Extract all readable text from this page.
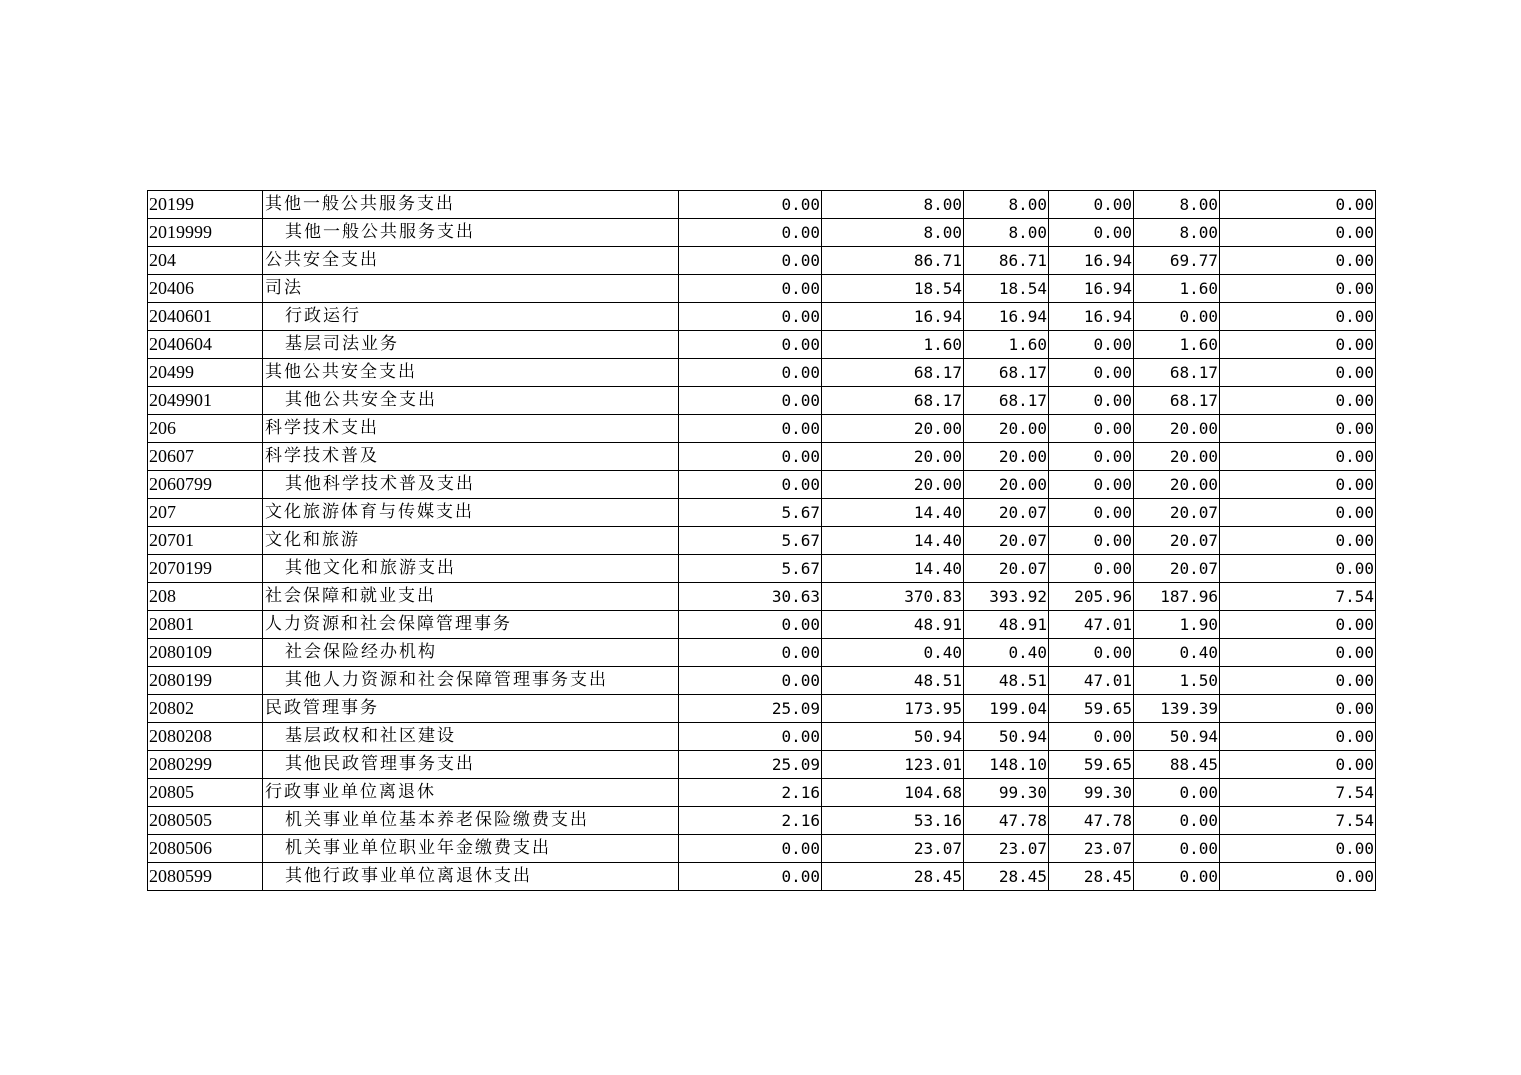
20199	其他一般公共服务支出	0.00	8.00	8.00	0.00	8.00	0.00
2019999	其他一般公共服务支出	0.00	8.00	8.00	0.00	8.00	0.00
204	公共安全支出	0.00	86.71	86.71	16.94	69.77	0.00
20406	司法	0.00	18.54	18.54	16.94	1.60	0.00
2040601	行政运行	0.00	16.94	16.94	16.94	0.00	0.00
2040604	基层司法业务	0.00	1.60	1.60	0.00	1.60	0.00
20499	其他公共安全支出	0.00	68.17	68.17	0.00	68.17	0.00
2049901	其他公共安全支出	0.00	68.17	68.17	0.00	68.17	0.00
206	科学技术支出	0.00	20.00	20.00	0.00	20.00	0.00
20607	科学技术普及	0.00	20.00	20.00	0.00	20.00	0.00
2060799	其他科学技术普及支出	0.00	20.00	20.00	0.00	20.00	0.00
207	文化旅游体育与传媒支出	5.67	14.40	20.07	0.00	20.07	0.00
20701	文化和旅游	5.67	14.40	20.07	0.00	20.07	0.00
2070199	其他文化和旅游支出	5.67	14.40	20.07	0.00	20.07	0.00
208	社会保障和就业支出	30.63	370.83	393.92	205.96	187.96	7.54
20801	人力资源和社会保障管理事务	0.00	48.91	48.91	47.01	1.90	0.00
2080109	社会保险经办机构	0.00	0.40	0.40	0.00	0.40	0.00
2080199	其他人力资源和社会保障管理事务支出	0.00	48.51	48.51	47.01	1.50	0.00
20802	民政管理事务	25.09	173.95	199.04	59.65	139.39	0.00
2080208	基层政权和社区建设	0.00	50.94	50.94	0.00	50.94	0.00
2080299	其他民政管理事务支出	25.09	123.01	148.10	59.65	88.45	0.00
20805	行政事业单位离退休	2.16	104.68	99.30	99.30	0.00	7.54
2080505	机关事业单位基本养老保险缴费支出	2.16	53.16	47.78	47.78	0.00	7.54
2080506	机关事业单位职业年金缴费支出	0.00	23.07	23.07	23.07	0.00	0.00
2080599	其他行政事业单位离退休支出	0.00	28.45	28.45	28.45	0.00	0.00
